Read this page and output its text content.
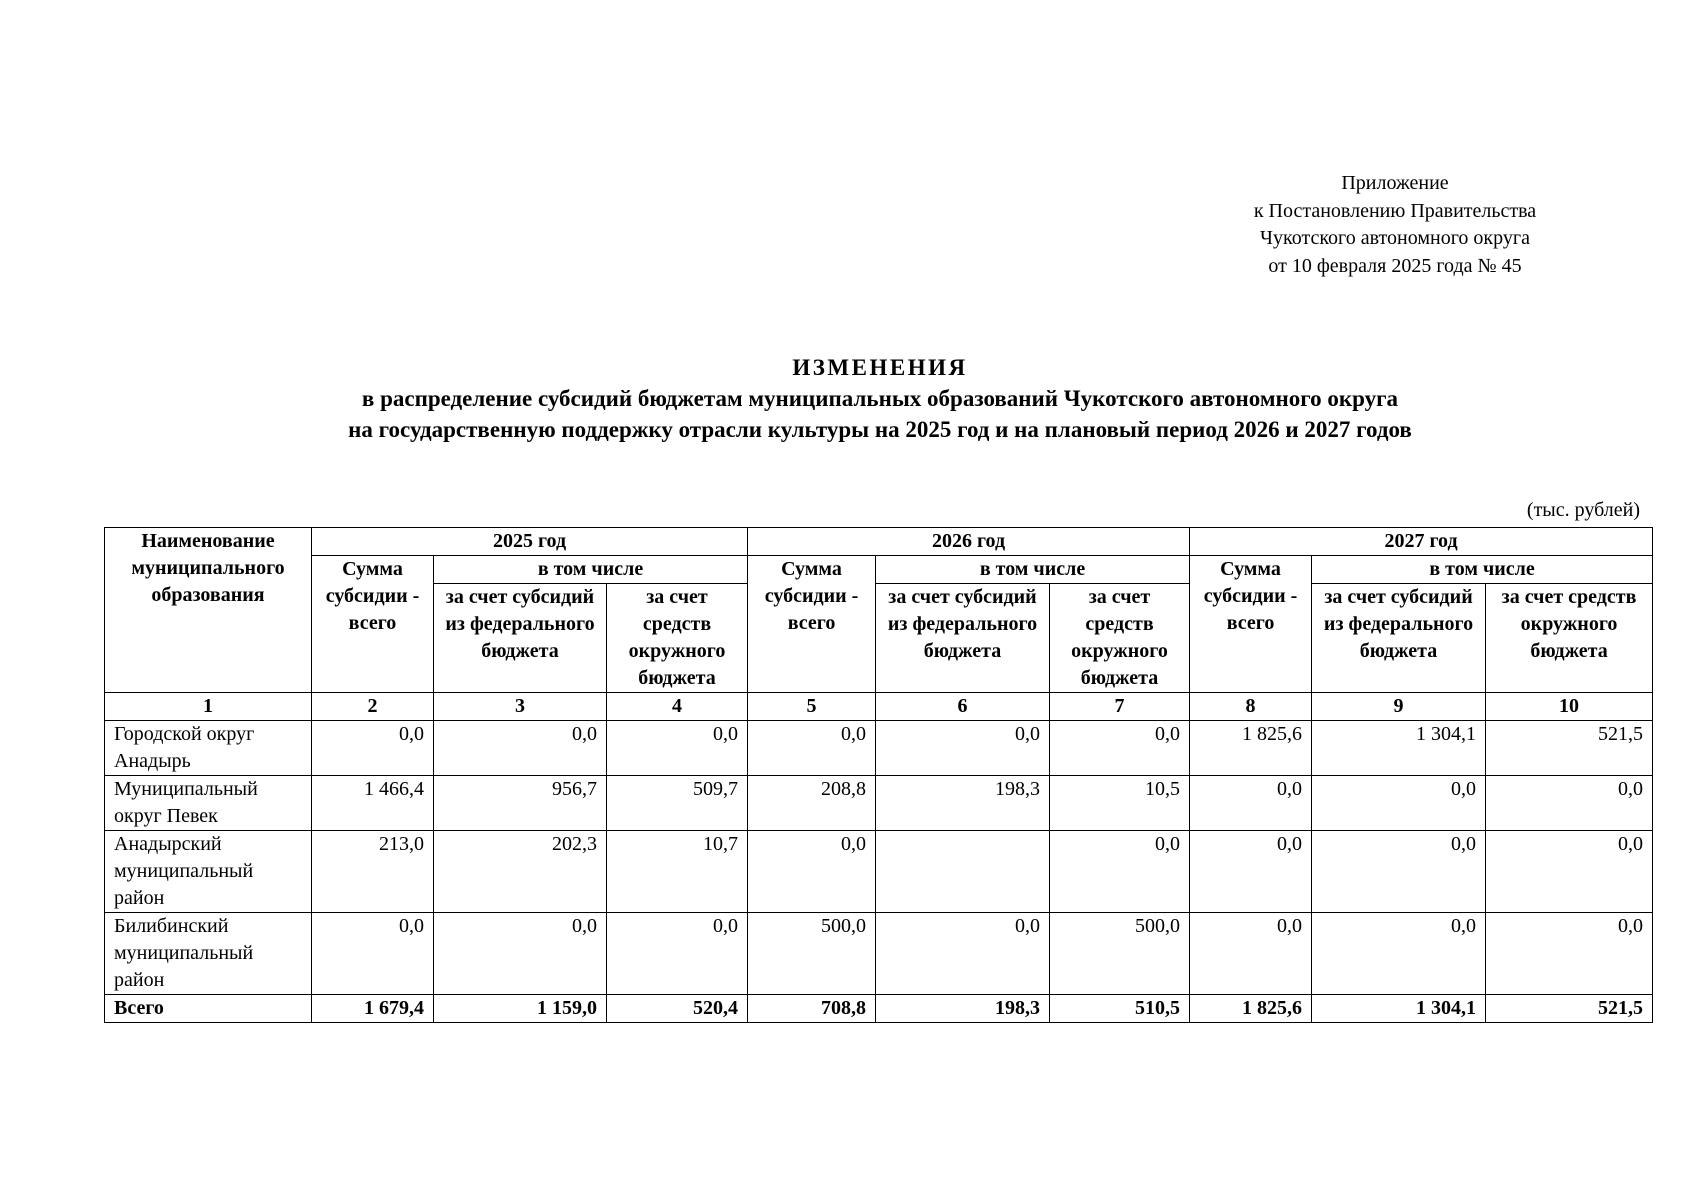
Приложение
к Постановлению Правительства
Чукотского автономного округа
от 10 февраля 2025 года № 45
ИЗМЕНЕНИЯ
в распределение субсидий бюджетам муниципальных образований Чукотского автономного округа
на государственную поддержку отрасли культуры на 2025 год и на плановый период 2026 и 2027 годов
(тыс. рублей)
Наименование муниципального образования	2025 год			2026 год			2027 год		
	Сумма субсидии - всего	в том числе		Сумма субсидии - всего	в том числе		Сумма субсидии - всего	в том числе	
		за счет субсидий из федерального бюджета	за счет средств окружного бюджета		за счет субсидий из федерального бюджета	за счет средств окружного бюджета		за счет субсидий из федерального бюджета	за счет средств окружного бюджета
1	2	3	4	5	6	7	8	9	10
Городской округ Анадырь	0,0	0,0	0,0	0,0	0,0	0,0	1 825,6	1 304,1	521,5
Муниципальный округ Певек	1 466,4	956,7	509,7	208,8	198,3	10,5	0,0	0,0	0,0
Анадырский муниципальный район	213,0	202,3	10,7	0,0		0,0	0,0	0,0	0,0
Билибинский муниципальный район	0,0	0,0	0,0	500,0	0,0	500,0	0,0	0,0	0,0
Всего	1 679,4	1 159,0	520,4	708,8	198,3	510,5	1 825,6	1 304,1	521,5
